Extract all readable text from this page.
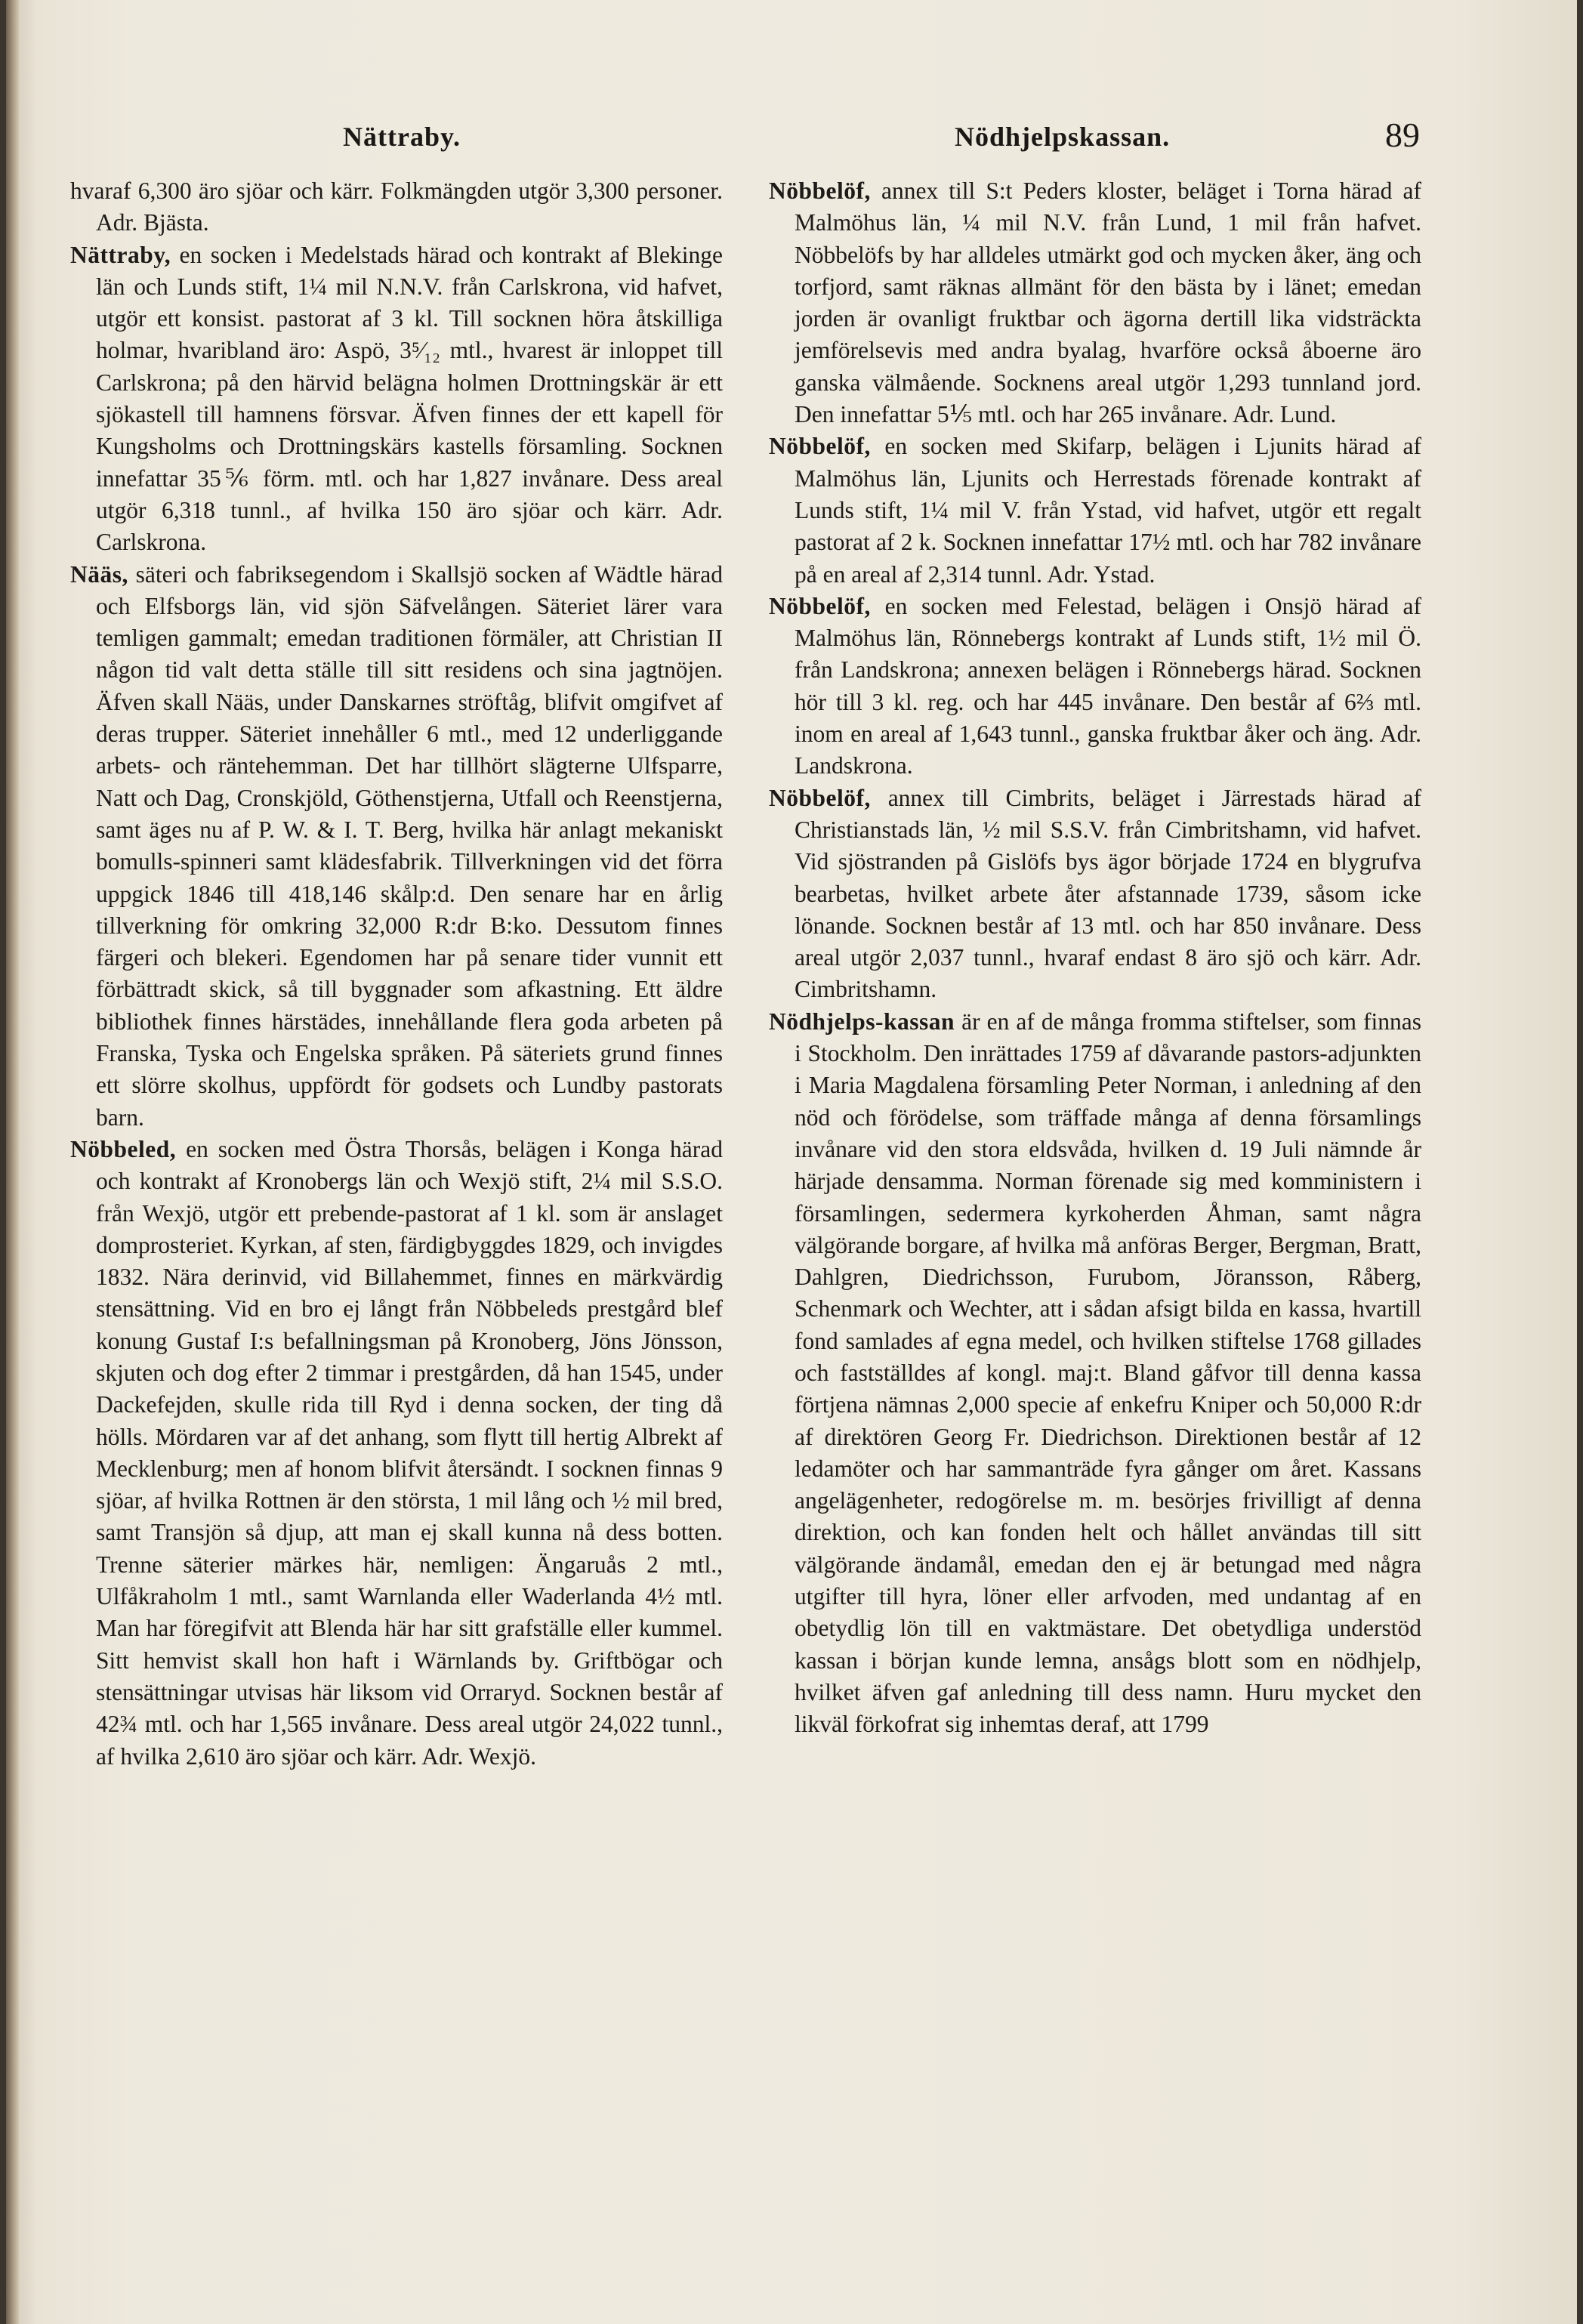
Nättraby.	Nödhjelpskassan.	89

hvaraf 6,300 äro sjöar och kärr. Folkmängden utgör 3,300 personer. Adr. Bjästa.

Nättraby, en socken i Medelstads härad och kontrakt af Blekinge län och Lunds stift, 1¼ mil N.N.V. från Carlskrona, vid hafvet, utgör ett konsist. pastorat af 3 kl. Till socknen höra åtskilliga holmar, hvaribland äro: Aspö, 3⁵⁄₁₂ mtl., hvarest är inloppet till Carlskrona; på den härvid belägna holmen Drottningskär är ett sjökastell till hamnens försvar. Äfven finnes der ett kapell för Kungsholms och Drottningskärs kastells församling. Socknen innefattar 35⅚ förm. mtl. och har 1,827 invånare. Dess areal utgör 6,318 tunnl., af hvilka 150 äro sjöar och kärr. Adr. Carlskrona.

Nääs, säteri och fabriksegendom i Skallsjö socken af Wädtle härad och Elfsborgs län, vid sjön Säfvelången. Säteriet lärer vara temligen gammalt; emedan traditionen förmäler, att Christian II någon tid valt detta ställe till sitt residens och sina jagtnöjen. Äfven skall Nääs, under Danskarnes ströftåg, blifvit omgifvet af deras trupper. Säteriet innehåller 6 mtl., med 12 underliggande arbets- och räntehemman. Det har tillhört slägterne Ulfsparre, Natt och Dag, Cronskjöld, Göthenstjerna, Utfall och Reenstjerna, samt äges nu af P. W. & I. T. Berg, hvilka här anlagt mekaniskt bomulls-spinneri samt klädesfabrik. Tillverkningen vid det förra uppgick 1846 till 418,146 skålp:d. Den senare har en årlig tillverkning för omkring 32,000 R:dr B:ko. Dessutom finnes färgeri och blekeri. Egendomen har på senare tider vunnit ett förbättradt skick, så till byggnader som afkastning. Ett äldre bibliothek finnes härstädes, innehållande flera goda arbeten på Franska, Tyska och Engelska språken. På säteriets grund finnes ett slörre skolhus, uppfördt för godsets och Lundby pastorats barn.

Nöbbeled, en socken med Östra Thorsås, belägen i Konga härad och kontrakt af Kronobergs län och Wexjö stift, 2¼ mil S.S.O. från Wexjö, utgör ett prebende-pastorat af 1 kl. som är anslaget domprosteriet. Kyrkan, af sten, färdigbyggdes 1829, och invigdes 1832. Nära derinvid, vid Billahemmet, finnes en märkvärdig stensättning. Vid en bro ej långt från Nöbbeleds prestgård blef konung Gustaf I:s befallningsman på Kronoberg, Jöns Jönsson, skjuten och dog efter 2 timmar i prestgården, då han 1545, under Dackefejden, skulle rida till Ryd i denna socken, der ting då hölls. Mördaren var af det anhang, som flytt till hertig Albrekt af Mecklenburg; men af honom blifvit återsändt. I socknen finnas 9 sjöar, af hvilka Rottnen är den största, 1 mil lång och ½ mil bred, samt Transjön så djup, att man ej skall kunna nå dess botten. Trenne säterier märkes här, nemligen: Ängaruås 2 mtl., Ulfåkraholm 1 mtl., samt Warnlanda eller Waderlanda 4½ mtl. Man har föregifvit att Blenda här har sitt grafställe eller kummel. Sitt hemvist skall hon haft i Wärnlands by. Griftbögar och stensättningar utvisas här liksom vid Orraryd. Socknen består af 42¾ mtl. och har 1,565 invånare. Dess areal utgör 24,022 tunnl., af hvilka 2,610 äro sjöar och kärr. Adr. Wexjö.

Nöbbelöf, annex till S:t Peders kloster, beläget i Torna härad af Malmöhus län, ¼ mil N.V. från Lund, 1 mil från hafvet. Nöbbelöfs by har alldeles utmärkt god och mycken åker, äng och torfjord, samt räknas allmänt för den bästa by i länet; emedan jorden är ovanligt fruktbar och ägorna dertill lika vidsträckta jemförelsevis med andra byalag, hvarföre också åboerne äro ganska välmående. Socknens areal utgör 1,293 tunnland jord. Den innefattar 5⅕ mtl. och har 265 invånare. Adr. Lund.

Nöbbelöf, en socken med Skifarp, belägen i Ljunits härad af Malmöhus län, Ljunits och Herrestads förenade kontrakt af Lunds stift, 1¼ mil V. från Ystad, vid hafvet, utgör ett regalt pastorat af 2 k. Socknen innefattar 17½ mtl. och har 782 invånare på en areal af 2,314 tunnl. Adr. Ystad.

Nöbbelöf, en socken med Felestad, belägen i Onsjö härad af Malmöhus län, Rönnebergs kontrakt af Lunds stift, 1½ mil Ö. från Landskrona; annexen belägen i Rönnebergs härad. Socknen hör till 3 kl. reg. och har 445 invånare. Den består af 6⅔ mtl. inom en areal af 1,643 tunnl., ganska fruktbar åker och äng. Adr. Landskrona.

Nöbbelöf, annex till Cimbrits, beläget i Järrestads härad af Christianstads län, ½ mil S.S.V. från Cimbritshamn, vid hafvet. Vid sjöstranden på Gislöfs bys ägor började 1724 en blygrufva bearbetas, hvilket arbete åter afstannade 1739, såsom icke lönande. Socknen består af 13 mtl. och har 850 invånare. Dess areal utgör 2,037 tunnl., hvaraf endast 8 äro sjö och kärr. Adr. Cimbritshamn.

Nödhjelps-kassan är en af de många fromma stiftelser, som finnas i Stockholm. Den inrättades 1759 af dåvarande pastors-adjunkten i Maria Magdalena församling Peter Norman, i anledning af den nöd och förödelse, som träffade många af denna församlings invånare vid den stora eldsvåda, hvilken d. 19 Juli nämnde år härjade densamma. Norman förenade sig med komministern i församlingen, sedermera kyrkoherden Åhman, samt några välgörande borgare, af hvilka må anföras Berger, Bergman, Bratt, Dahlgren, Diedrichsson, Furubom, Jöransson, Råberg, Schenmark och Wechter, att i sådan afsigt bilda en kassa, hvartill fond samlades af egna medel, och hvilken stiftelse 1768 gillades och fastställdes af kongl. maj:t. Bland gåfvor till denna kassa förtjena nämnas 2,000 specie af enkefru Kniper och 50,000 R:dr af direktören Georg Fr. Diedrichson. Direktionen består af 12 ledamöter och har sammanträde fyra gånger om året. Kassans angelägenheter, redogörelse m. m. besörjes frivilligt af denna direktion, och kan fonden helt och hållet användas till sitt välgörande ändamål, emedan den ej är betungad med några utgifter till hyra, löner eller arfvoden, med undantag af en obetydlig lön till en vaktmästare. Det obetydliga understöd kassan i början kunde lemna, ansågs blott som en nödhjelp, hvilket äfven gaf anledning till dess namn. Huru mycket den likväl förkofrat sig inhemtas deraf, att 1799
